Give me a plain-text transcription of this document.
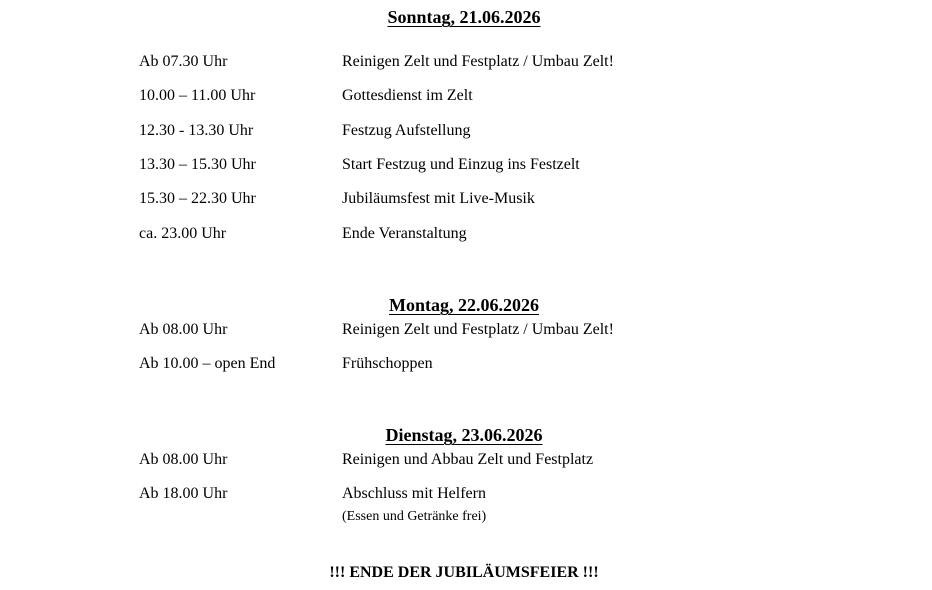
Sonntag, 21.06.2026
Ab 07.30 Uhr	Reinigen Zelt und Festplatz / Umbau Zelt!
10.00 – 11.00 Uhr	Gottesdienst im Zelt
12.30 - 13.30 Uhr	Festzug Aufstellung
13.30 – 15.30 Uhr	Start Festzug und Einzug ins Festzelt
15.30 – 22.30 Uhr	Jubiläumsfest mit Live-Musik
ca. 23.00 Uhr	Ende Veranstaltung
Montag, 22.06.2026
Ab 08.00 Uhr	Reinigen Zelt und Festplatz / Umbau Zelt!
Ab 10.00 – open End	Frühschoppen
Dienstag, 23.06.2026
Ab 08.00 Uhr	Reinigen und Abbau Zelt und Festplatz
Ab 18.00 Uhr	Abschluss mit Helfern
(Essen und Getränke frei)
!!! ENDE DER JUBILÄUMSFEIER !!!
